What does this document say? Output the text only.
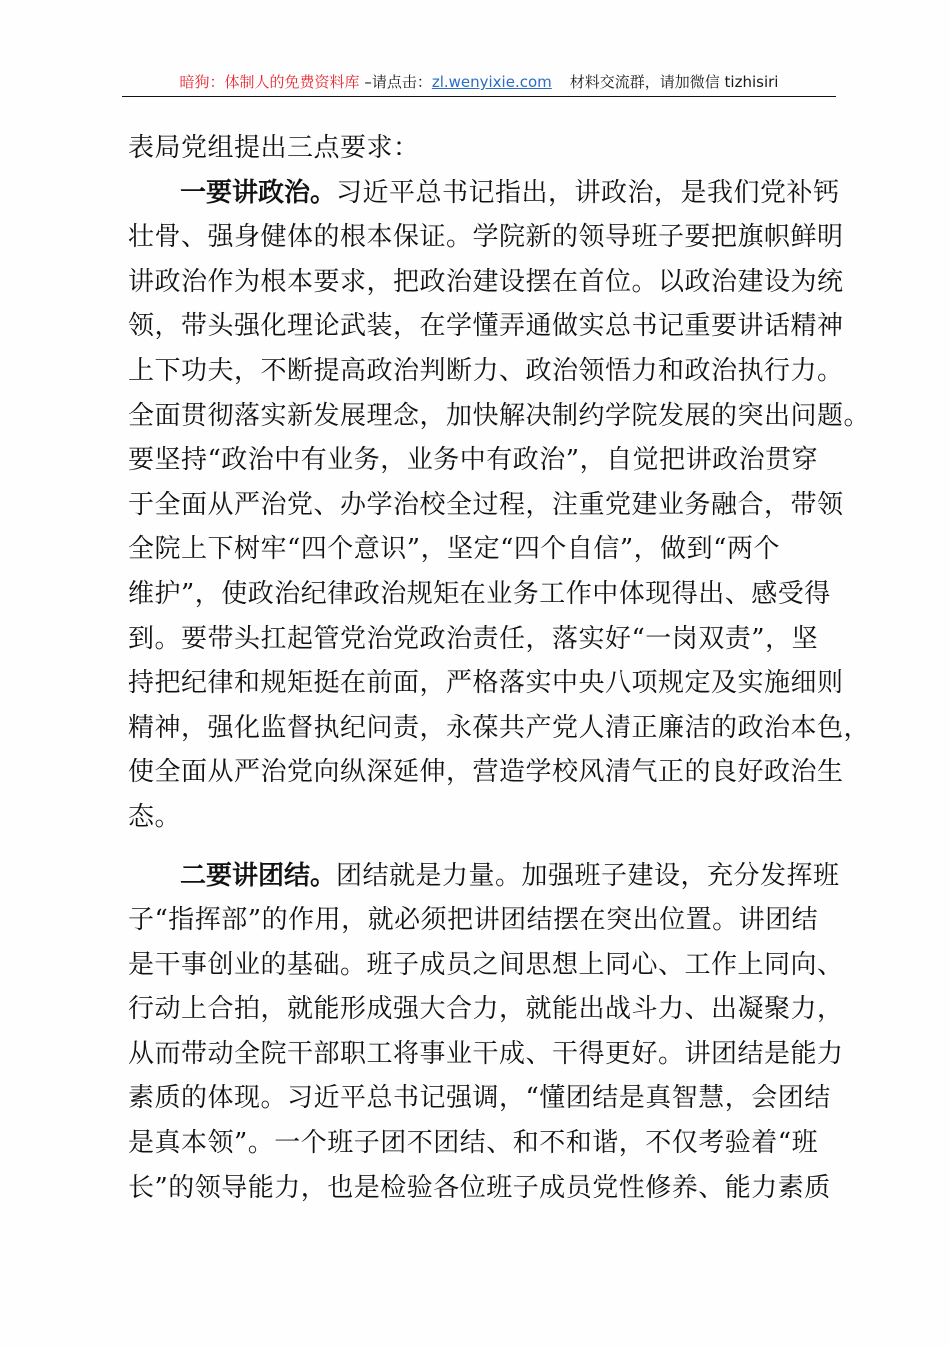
暗狗：体制人的免费资料库 –请点击：zl.wenyixie.com 材料交流群，请加微信 tizhisiri
表局党组提出三点要求：
一要讲政治。习近平总书记指出，讲政治，是我们党补钙
壮骨、强身健体的根本保证。学院新的领导班子要把旗帜鲜明
讲政治作为根本要求，把政治建设摆在首位。以政治建设为统
领，带头强化理论武装，在学懂弄通做实总书记重要讲话精神
上下功夫，不断提高政治判断力、政治领悟力和政治执行力。
全面贯彻落实新发展理念，加快解决制约学院发展的突出问题。
要坚持“政治中有业务，业务中有政治”，自觉把讲政治贯穿
于全面从严治党、办学治校全过程，注重党建业务融合，带领
全院上下树牢“四个意识”，坚定“四个自信”，做到“两个
维护”，使政治纪律政治规矩在业务工作中体现得出、感受得
到。要带头扛起管党治党政治责任，落实好“一岗双责”，坚
持把纪律和规矩挺在前面，严格落实中央八项规定及实施细则
精神，强化监督执纪问责，永葆共产党人清正廉洁的政治本色，
使全面从严治党向纵深延伸，营造学校风清气正的良好政治生
态。
二要讲团结。团结就是力量。加强班子建设，充分发挥班
子“指挥部”的作用，就必须把讲团结摆在突出位置。讲团结
是干事创业的基础。班子成员之间思想上同心、工作上同向、
行动上合拍，就能形成强大合力，就能出战斗力、出凝聚力，
从而带动全院干部职工将事业干成、干得更好。讲团结是能力
素质的体现。习近平总书记强调，“懂团结是真智慧，会团结
是真本领”。一个班子团不团结、和不和谐，不仅考验着“班
长”的领导能力，也是检验各位班子成员党性修养、能力素质
